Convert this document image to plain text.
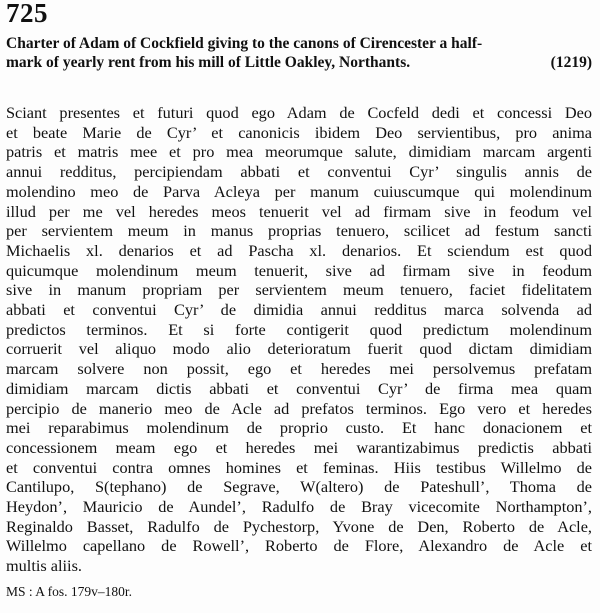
725
Charter of Adam of Cockfield giving to the canons of Cirencester a half-
mark of yearly rent from his mill of Little Oakley, Northants.	(1219)
Sciant presentes et futuri quod ego Adam de Cocfeld dedi et concessi Deo
et beate Marie de Cyr’ et canonicis ibidem Deo servientibus, pro anima
patris et matris mee et pro mea meorumque salute, dimidiam marcam argenti
annui redditus, percipiendam abbati et conventui Cyr’ singulis annis de
molendino meo de Parva Acleya per manum cuiuscumque qui molendinum
illud per me vel heredes meos tenuerit vel ad firmam sive in feodum vel
per servientem meum in manus proprias tenuero, scilicet ad festum sancti
Michaelis xl. denarios et ad Pascha xl. denarios. Et sciendum est quod
quicumque molendinum meum tenuerit, sive ad firmam sive in feodum
sive in manum propriam per servientem meum tenuero, faciet fidelitatem
abbati et conventui Cyr’ de dimidia annui redditus marca solvenda ad
predictos terminos. Et si forte contigerit quod predictum molendinum
corruerit vel aliquo modo alio deterioratum fuerit quod dictam dimidiam
marcam solvere non possit, ego et heredes mei persolvemus prefatam
dimidiam marcam dictis abbati et conventui Cyr’ de firma mea quam
percipio de manerio meo de Acle ad prefatos terminos. Ego vero et heredes
mei reparabimus molendinum de proprio custo. Et hanc donacionem et
concessionem meam ego et heredes mei warantizabimus predictis abbati
et conventui contra omnes homines et feminas. Hiis testibus Willelmo de
Cantilupo, S(tephano) de Segrave, W(altero) de Pateshull’, Thoma de
Heydon’, Mauricio de Aundel’, Radulfo de Bray vicecomite Northampton’,
Reginaldo Basset, Radulfo de Pychestorp, Yvone de Den, Roberto de Acle,
Willelmo capellano de Rowell’, Roberto de Flore, Alexandro de Acle et
multis aliis.
MS : A fos. 179v–180r.
